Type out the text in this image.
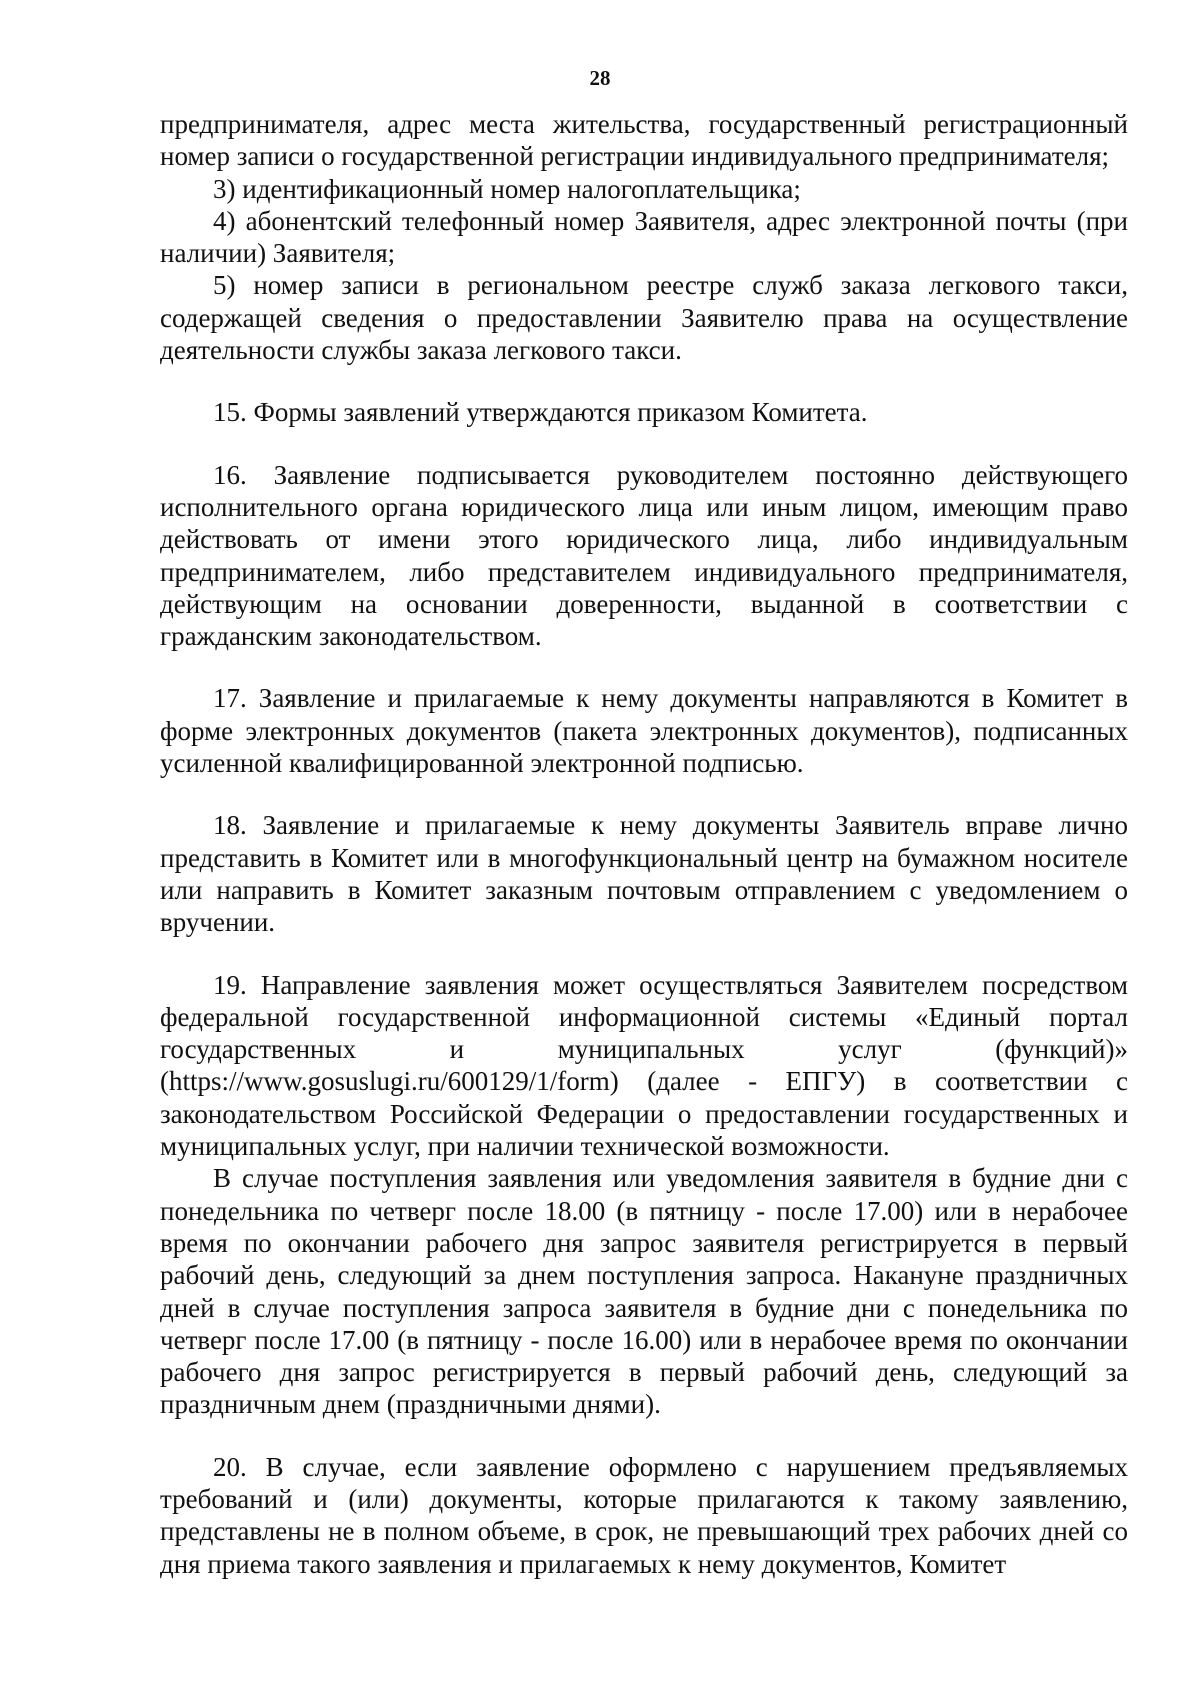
28

предпринимателя, адрес места жительства, государственный регистрационный номер записи о государственной регистрации индивидуального предпринимателя;

3) идентификационный номер налогоплательщика;

4) абонентский телефонный номер Заявителя, адрес электронной почты (при наличии) Заявителя;

5) номер записи в региональном реестре служб заказа легкового такси, содержащей сведения о предоставлении Заявителю права на осуществление деятельности службы заказа легкового такси.

15. Формы заявлений утверждаются приказом Комитета.

16. Заявление подписывается руководителем постоянно действующего исполнительного органа юридического лица или иным лицом, имеющим право действовать от имени этого юридического лица, либо индивидуальным предпринимателем, либо представителем индивидуального предпринимателя, действующим на основании доверенности, выданной в соответствии с гражданским законодательством.

17. Заявление и прилагаемые к нему документы направляются в Комитет в форме электронных документов (пакета электронных документов), подписанных усиленной квалифицированной электронной подписью.

18. Заявление и прилагаемые к нему документы Заявитель вправе лично представить в Комитет или в многофункциональный центр на бумажном носителе или направить в Комитет заказным почтовым отправлением с уведомлением о вручении.

19. Направление заявления может осуществляться Заявителем посредством федеральной государственной информационной системы «Единый портал государственных и муниципальных услуг (функций)» (https://www.gosuslugi.ru/600129/1/form) (далее - ЕПГУ) в соответствии с законодательством Российской Федерации о предоставлении государственных и муниципальных услуг, при наличии технической возможности.

В случае поступления заявления или уведомления заявителя в будние дни с понедельника по четверг после 18.00 (в пятницу - после 17.00) или в нерабочее время по окончании рабочего дня запрос заявителя регистрируется в первый рабочий день, следующий за днем поступления запроса. Накануне праздничных дней в случае поступления запроса заявителя в будние дни с понедельника по четверг после 17.00 (в пятницу - после 16.00) или в нерабочее время по окончании рабочего дня запрос регистрируется в первый рабочий день, следующий за праздничным днем (праздничными днями).

20. В случае, если заявление оформлено с нарушением предъявляемых требований и (или) документы, которые прилагаются к такому заявлению, представлены не в полном объеме, в срок, не превышающий трех рабочих дней со дня приема такого заявления и прилагаемых к нему документов, Комитет
